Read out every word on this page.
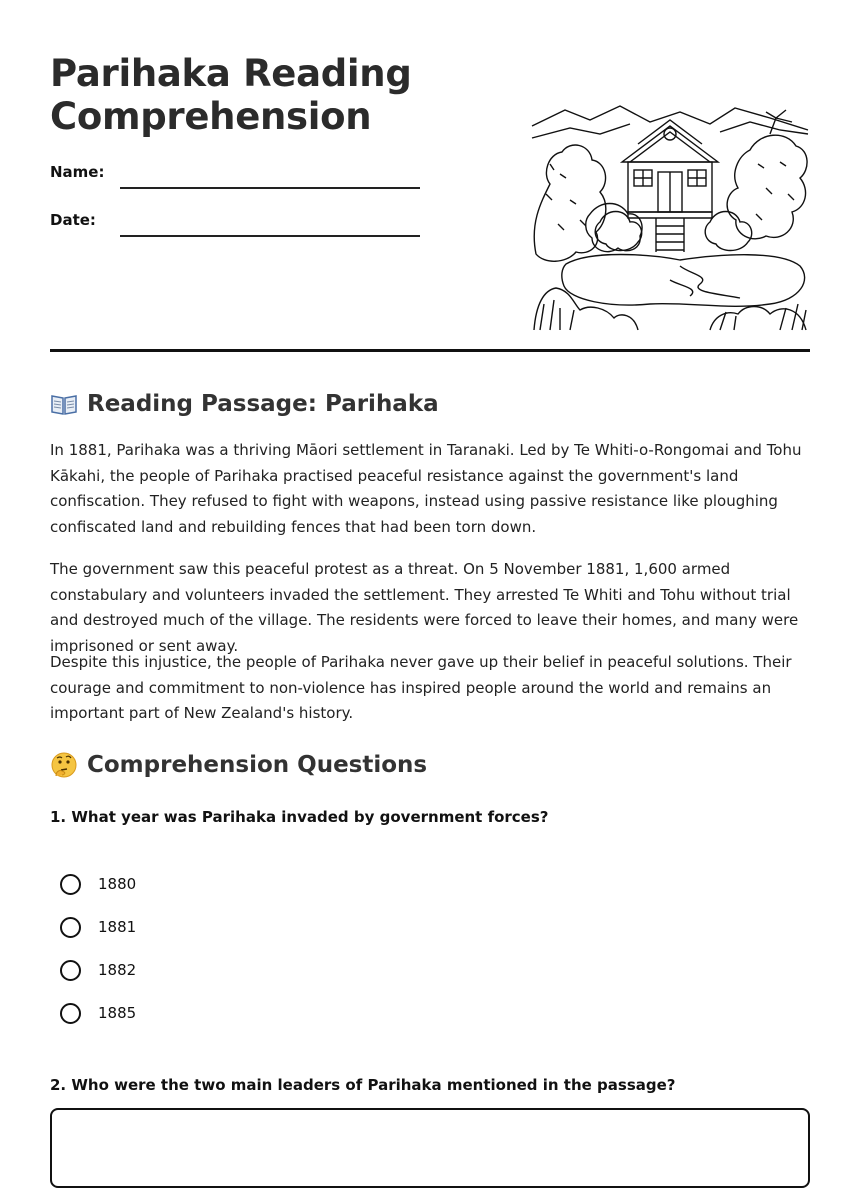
Parihaka Reading Comprehension
Name:
Date:
Reading Passage: Parihaka

In 1881, Parihaka was a thriving Māori settlement in Taranaki. Led by Te Whiti-o-Rongomai and Tohu Kākahi, the people of Parihaka practised peaceful resistance against the government's land confiscation. They refused to fight with weapons, instead using passive resistance like ploughing confiscated land and rebuilding fences that had been torn down.

The government saw this peaceful protest as a threat. On 5 November 1881, 1,600 armed constabulary and volunteers invaded the settlement. They arrested Te Whiti and Tohu without trial and destroyed much of the village. The residents were forced to leave their homes, and many were imprisoned or sent away.

Despite this injustice, the people of Parihaka never gave up their belief in peaceful solutions. Their courage and commitment to non-violence has inspired people around the world and remains an important part of New Zealand's history.

Comprehension Questions

1. What year was Parihaka invaded by government forces?

1880
1881
1882
1885

2. Who were the two main leaders of Parihaka mentioned in the passage?
